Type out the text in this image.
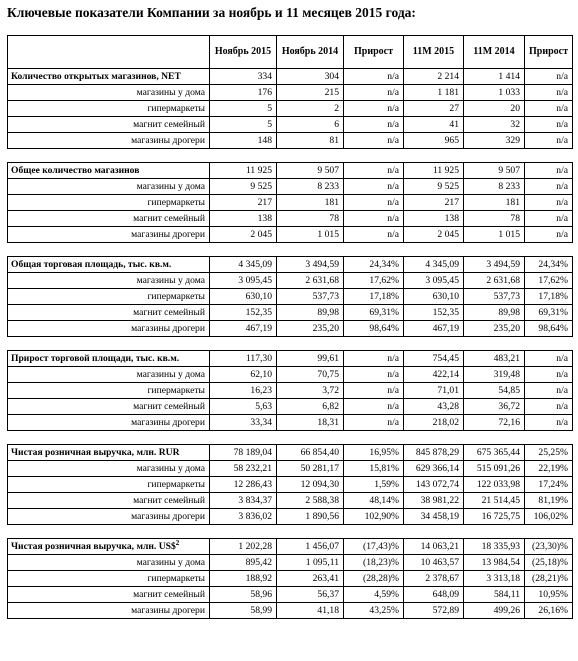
Ключевые показатели Компании за ноябрь и 11 месяцев 2015 года:
	Ноябрь 2015	Ноябрь 2014	Прирост	11M 2015	11M 2014	Прирост
Количество открытых магазинов, NET	334	304	n/a	2 214	1 414	n/a
магазины у дома	176	215	n/a	1 181	1 033	n/a
гипермаркеты	5	2	n/a	27	20	n/a
магнит семейный	5	6	n/a	41	32	n/a
магазины дрогери	148	81	n/a	965	329	n/a

Общее количество магазинов	11 925	9 507	n/a	11 925	9 507	n/a
магазины у дома	9 525	8 233	n/a	9 525	8 233	n/a
гипермаркеты	217	181	n/a	217	181	n/a
магнит семейный	138	78	n/a	138	78	n/a
магазины дрогери	2 045	1 015	n/a	2 045	1 015	n/a

Общая торговая площадь, тыс. кв.м.	4 345,09	3 494,59	24,34%	4 345,09	3 494,59	24,34%
магазины у дома	3 095,45	2 631,68	17,62%	3 095,45	2 631,68	17,62%
гипермаркеты	630,10	537,73	17,18%	630,10	537,73	17,18%
магнит семейный	152,35	89,98	69,31%	152,35	89,98	69,31%
магазины дрогери	467,19	235,20	98,64%	467,19	235,20	98,64%

Прирост торговой площади, тыс. кв.м.	117,30	99,61	n/a	754,45	483,21	n/a
магазины у дома	62,10	70,75	n/a	422,14	319,48	n/a
гипермаркеты	16,23	3,72	n/a	71,01	54,85	n/a
магнит семейный	5,63	6,82	n/a	43,28	36,72	n/a
магазины дрогери	33,34	18,31	n/a	218,02	72,16	n/a

Чистая розничная выручка, млн. RUR	78 189,04	66 854,40	16,95%	845 878,29	675 365,44	25,25%
магазины у дома	58 232,21	50 281,17	15,81%	629 366,14	515 091,26	22,19%
гипермаркеты	12 286,43	12 094,30	1,59%	143 072,74	122 033,98	17,24%
магнит семейный	3 834,37	2 588,38	48,14%	38 981,22	21 514,45	81,19%
магазины дрогери	3 836,02	1 890,56	102,90%	34 458,19	16 725,75	106,02%

Чистая розничная выручка, млн. US\$$^2$	1 202,28	1 456,07	(17,43)%	14 063,21	18 335,93	(23,30)%
магазины у дома	895,42	1 095,11	(18,23)%	10 463,57	13 984,54	(25,18)%
гипермаркеты	188,92	263,41	(28,28)%	2 378,67	3 313,18	(28,21)%
магнит семейный	58,96	56,37	4,59%	648,09	584,11	10,95%
магазины дрогери	58,99	41,18	43,25%	572,89	499,26	26,16%
